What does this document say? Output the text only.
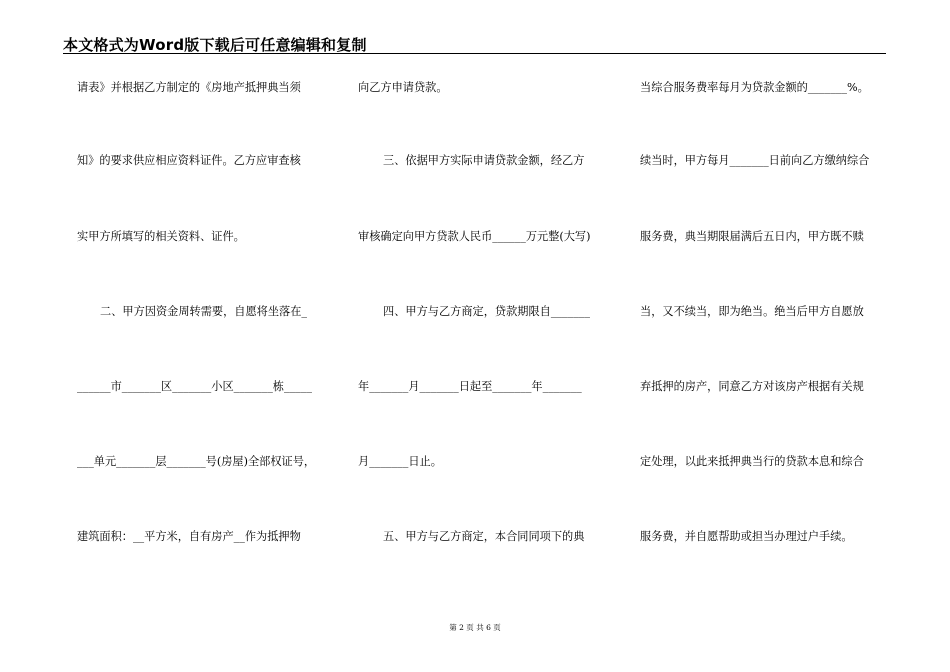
本文格式为Word版下载后可任意编辑和复制
请表》并根据乙方制定的《房地产抵押典当须
知》的要求供应相应资料证件。乙方应审查核
实甲方所填写的相关资料、证件。
二、甲方因资金周转需要，自愿将坐落在_
______市_______区_______小区_______栋_____
___单元_______层_______号(房屋)全部权证号，
建筑面积：__平方米，自有房产__作为抵押物
向乙方申请贷款。
三、依据甲方实际申请贷款金额，经乙方
审核确定向甲方贷款人民币______万元整(大写)
四、甲方与乙方商定，贷款期限自_______
年_______月_______日起至_______年_______
月_______日止。
五、甲方与乙方商定，本合同同项下的典
当综合服务费率每月为贷款金额的_______%。
续当时，甲方每月_______日前向乙方缴纳综合
服务费，典当期限届满后五日内，甲方既不赎
当，又不续当，即为绝当。绝当后甲方自愿放
弃抵押的房产，同意乙方对该房产根据有关规
定处理，以此来抵押典当行的贷款本息和综合
服务费，并自愿帮助或担当办理过户手续。
第 2 页 共 6 页
